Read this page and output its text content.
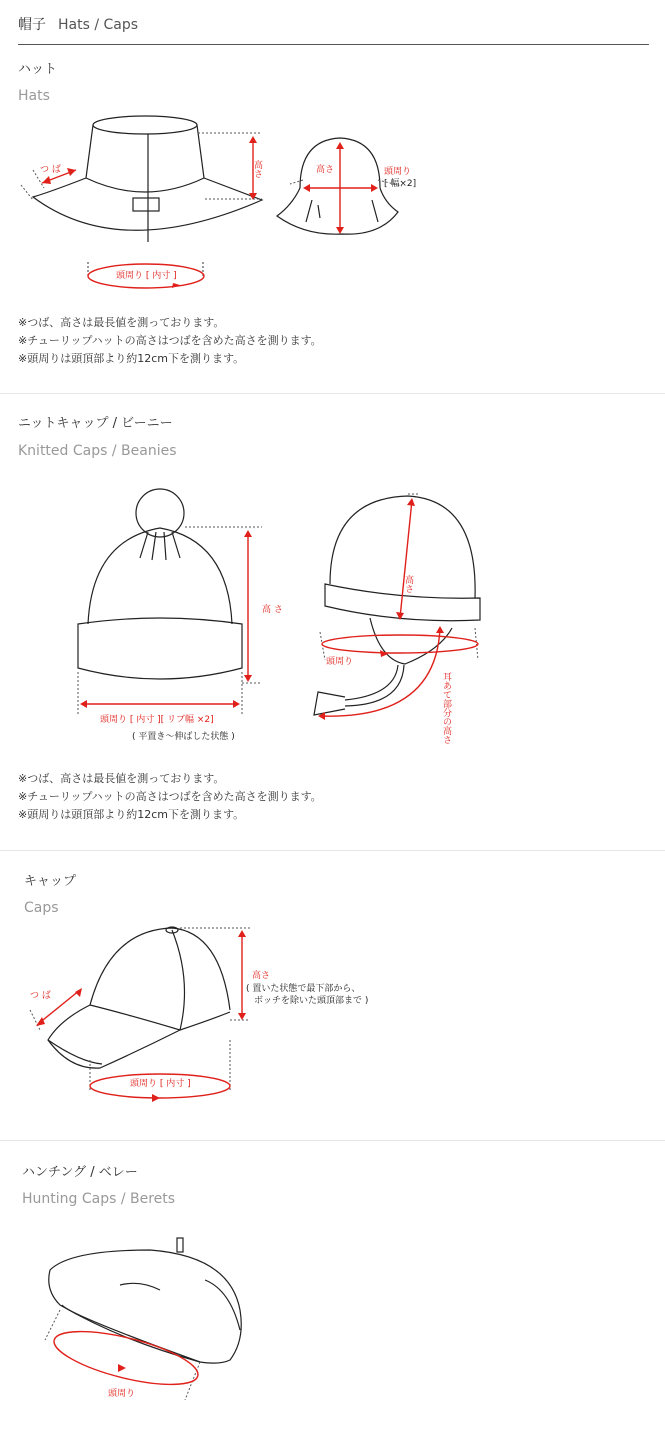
帽子 Hats / Caps
ハット
Hats
つ ば	高さ
頭周り [ 内寸 ]
高さ	頭周り
[ 幅×2]
※つば、高さは最長値を測っております。
※チューリップハットの高さはつばを含めた高さを測ります。
※頭周りは頭頂部より約12cm下を測ります。
ニットキャップ / ビーニー
Knitted Caps / Beanies
高 さ
頭周り [ 内寸 ][ リブ幅 ×2]
( 平置き～伸ばした状態 )
高さ
頭周り
耳あて部分の高さ
※つば、高さは最長値を測っております。
※チューリップハットの高さはつばを含めた高さを測ります。
※頭周りは頭頂部より約12cm下を測ります。
キャップ
Caps
つ ば
高さ
( 置いた状態で最下部から、
ボッチを除いた頭頂部まで )
頭周り [ 内寸 ]
ハンチング / ベレー
Hunting Caps / Berets
頭周り
